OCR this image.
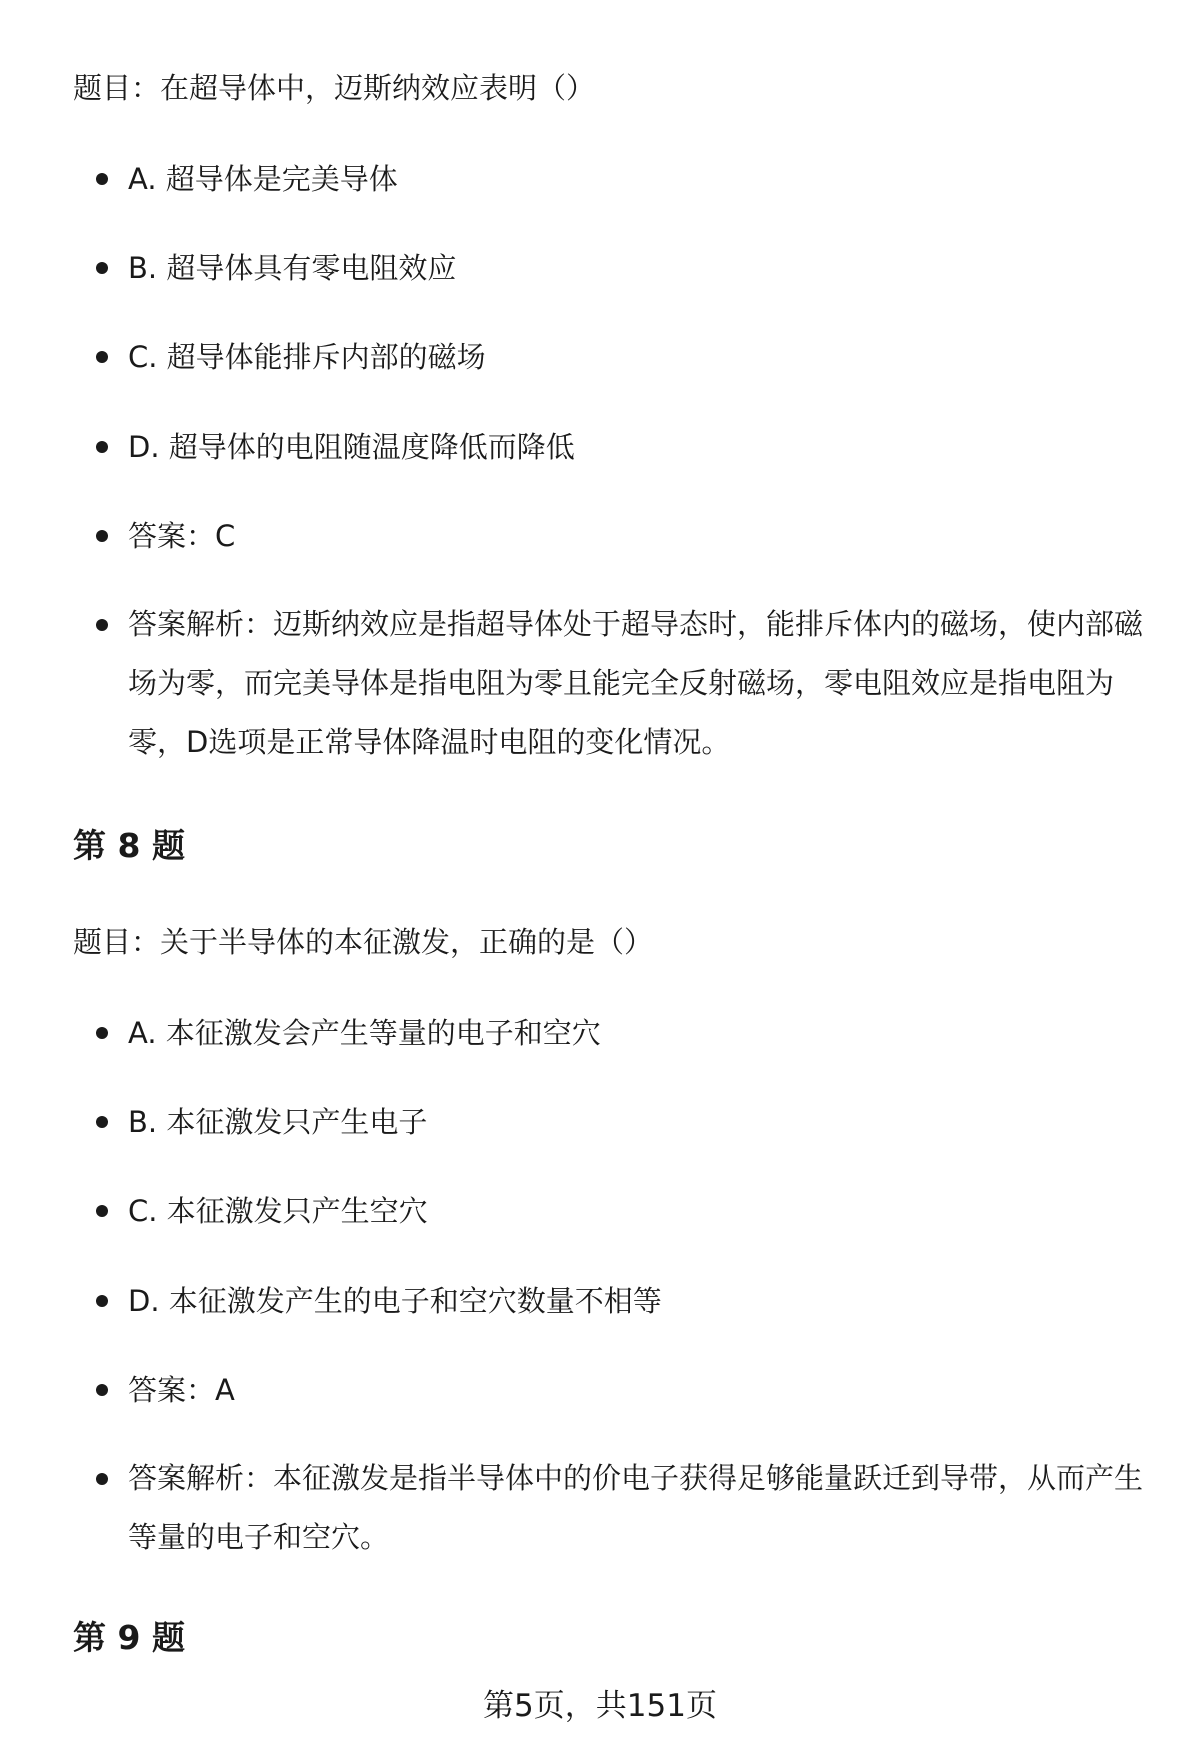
题目：在超导体中，迈斯纳效应表明（）
A. 超导体是完美导体
B. 超导体具有零电阻效应
C. 超导体能排斥内部的磁场
D. 超导体的电阻随温度降低而降低
答案：C
答案解析：迈斯纳效应是指超导体处于超导态时，能排斥体内的磁场，使内部磁场为零，而完美导体是指电阻为零且能完全反射磁场，零电阻效应是指电阻为零，D选项是正常导体降温时电阻的变化情况。
第 8 题
题目：关于半导体的本征激发，正确的是（）
A. 本征激发会产生等量的电子和空穴
B. 本征激发只产生电子
C. 本征激发只产生空穴
D. 本征激发产生的电子和空穴数量不相等
答案：A
答案解析：本征激发是指半导体中的价电子获得足够能量跃迁到导带，从而产生等量的电子和空穴。
第 9 题
第5页，共151页
